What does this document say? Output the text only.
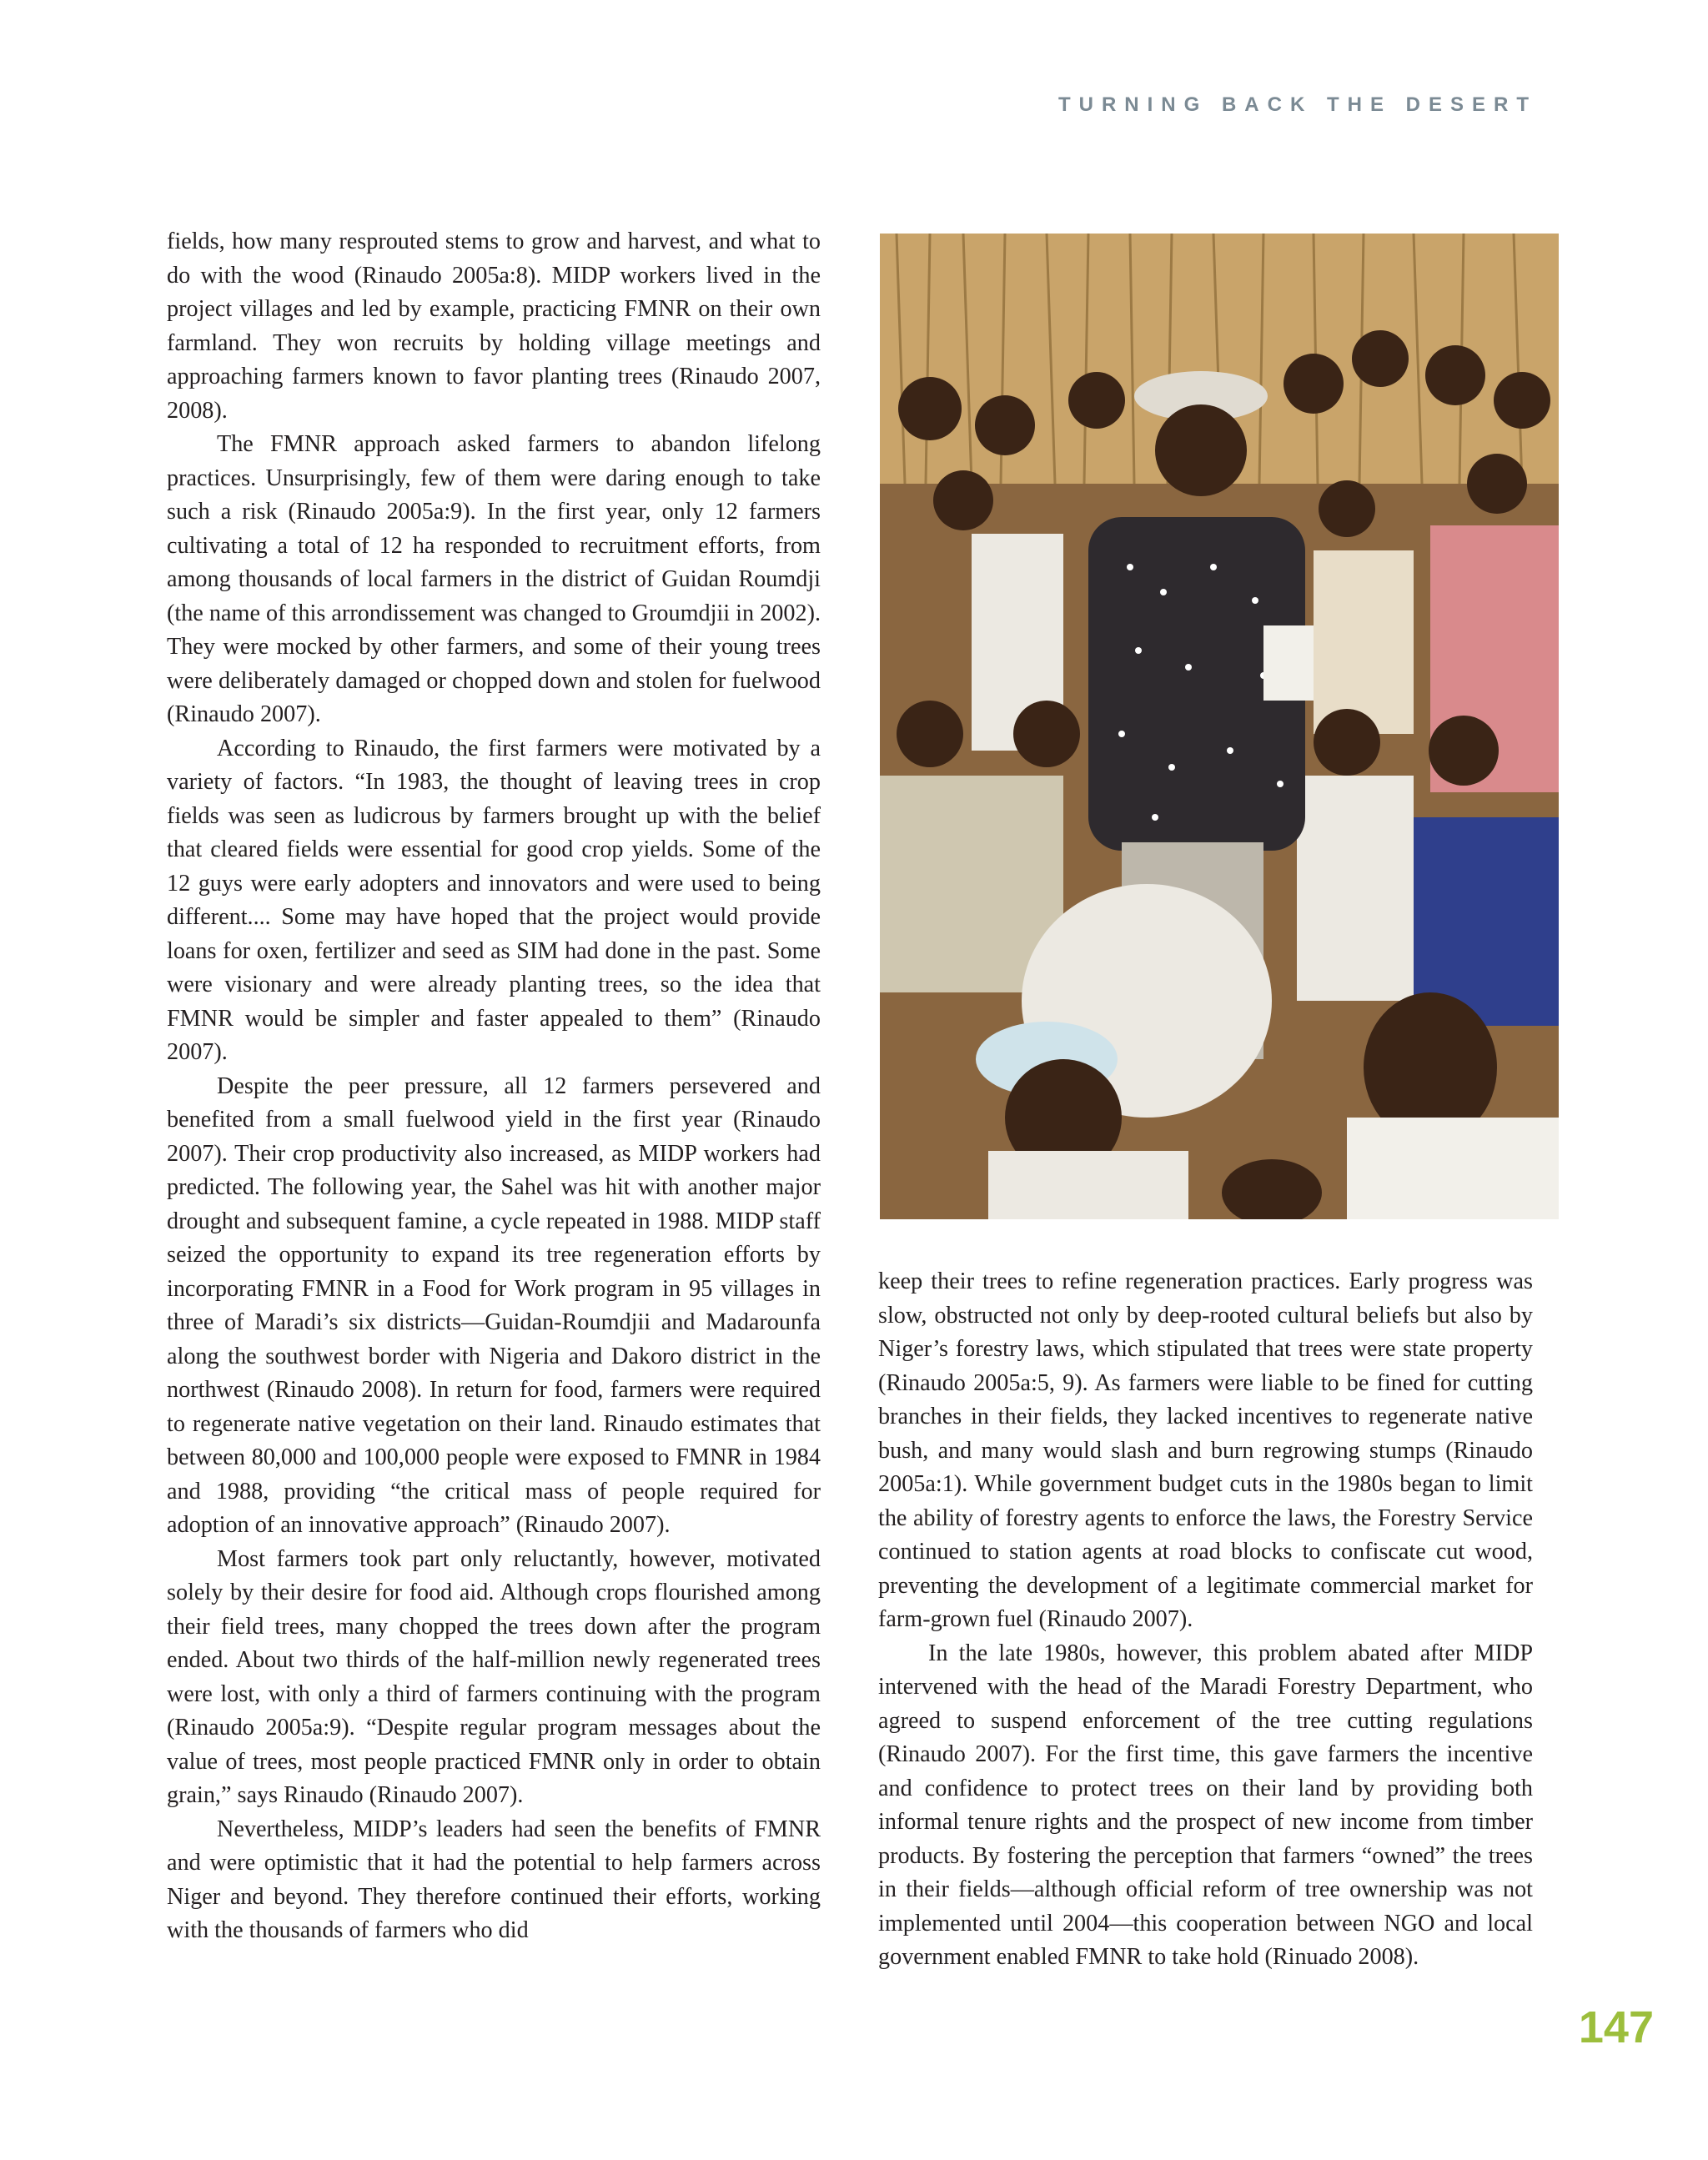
TURNING BACK THE DESERT

fields, how many resprouted stems to grow and harvest, and what to do with the wood (Rinaudo 2005a:8). MIDP workers lived in the project villages and led by example, practicing FMNR on their own farmland. They won recruits by holding village meetings and approaching farmers known to favor planting trees (Rinaudo 2007, 2008).

The FMNR approach asked farmers to abandon lifelong practices. Unsurprisingly, few of them were daring enough to take such a risk (Rinaudo 2005a:9). In the first year, only 12 farmers cultivating a total of 12 ha responded to recruitment efforts, from among thousands of local farmers in the district of Guidan Roumdji (the name of this arrondissement was changed to Groumdjii in 2002). They were mocked by other farmers, and some of their young trees were deliberately damaged or chopped down and stolen for fuelwood (Rinaudo 2007).

According to Rinaudo, the first farmers were motivated by a variety of factors. “In 1983, the thought of leaving trees in crop fields was seen as ludicrous by farmers brought up with the belief that cleared fields were essential for good crop yields. Some of the 12 guys were early adopters and innovators and were used to being different.... Some may have hoped that the project would provide loans for oxen, fertilizer and seed as SIM had done in the past. Some were visionary and were already planting trees, so the idea that FMNR would be simpler and faster appealed to them” (Rinaudo 2007).

Despite the peer pressure, all 12 farmers persevered and benefited from a small fuelwood yield in the first year (Rinaudo 2007). Their crop productivity also increased, as MIDP workers had predicted. The following year, the Sahel was hit with another major drought and subsequent famine, a cycle repeated in 1988. MIDP staff seized the opportunity to expand its tree regeneration efforts by incorporating FMNR in a Food for Work program in 95 villages in three of Maradi’s six districts—Guidan-Roumdjii and Madarounfa along the southwest border with Nigeria and Dakoro district in the northwest (Rinaudo 2008). In return for food, farmers were required to regenerate native vegetation on their land. Rinaudo estimates that between 80,000 and 100,000 people were exposed to FMNR in 1984 and 1988, providing “the critical mass of people required for adoption of an innovative approach” (Rinaudo 2007).

Most farmers took part only reluctantly, however, motivated solely by their desire for food aid. Although crops flourished among their field trees, many chopped the trees down after the program ended. About two thirds of the half-million newly regenerated trees were lost, with only a third of farmers continuing with the program (Rinaudo 2005a:9). “Despite regular program messages about the value of trees, most people practiced FMNR only in order to obtain grain,” says Rinaudo (Rinaudo 2007).

Nevertheless, MIDP’s leaders had seen the benefits of FMNR and were optimistic that it had the potential to help farmers across Niger and beyond. They therefore continued their efforts, working with the thousands of farmers who did

keep their trees to refine regeneration practices. Early progress was slow, obstructed not only by deep-rooted cultural beliefs but also by Niger’s forestry laws, which stipulated that trees were state property (Rinaudo 2005a:5, 9). As farmers were liable to be fined for cutting branches in their fields, they lacked incentives to regenerate native bush, and many would slash and burn regrowing stumps (Rinaudo 2005a:1). While government budget cuts in the 1980s began to limit the ability of forestry agents to enforce the laws, the Forestry Service continued to station agents at road blocks to confiscate cut wood, preventing the development of a legitimate commercial market for farm-grown fuel (Rinaudo 2007).

In the late 1980s, however, this problem abated after MIDP intervened with the head of the Maradi Forestry Department, who agreed to suspend enforcement of the tree cutting regulations (Rinaudo 2007). For the first time, this gave farmers the incentive and confidence to protect trees on their land by providing both informal tenure rights and the prospect of new income from timber products. By fostering the perception that farmers “owned” the trees in their fields—although official reform of tree ownership was not implemented until 2004—this cooperation between NGO and local government enabled FMNR to take hold (Rinuado 2008).

147
